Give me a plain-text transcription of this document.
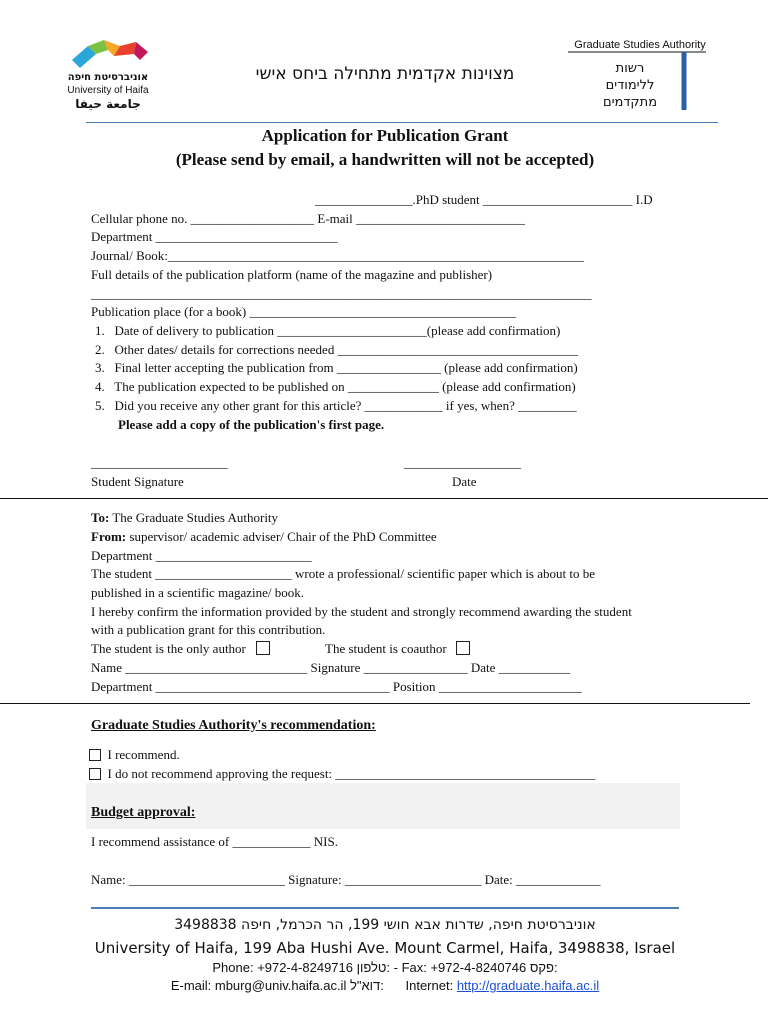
אוניברסיטת חיפה
University of Haifa
جامعة حيفا
מצוינות אקדמית מתחילה ביחס אישי
Graduate Studies Authority
רשות
ללימודים
מתקדמים
Application for Publication Grant
(Please send by email, a handwritten will not be accepted)
_______________.PhD student _______________________ I.D
Cellular phone no. ___________________ E-mail __________________________
Department ____________________________
Journal/ Book:________________________________________________________________
Full details of the publication platform (name of the magazine and publisher)
_____________________________________________________________________________
Publication place (for a book) _________________________________________
1.   Date of delivery to publication _______________________(please add confirmation)
2.   Other dates/ details for corrections needed _____________________________________
3.   Final letter accepting the publication from ________________ (please add confirmation)
4.   The publication expected to be published on ______________ (please add confirmation)
5.   Did you receive any other grant for this article? ____________ if yes, when? _________
Please add a copy of the publication's first page.
_____________________	__________________
Student Signature	Date
To: The Graduate Studies Authority
From: supervisor/ academic adviser/ Chair of the PhD Committee
Department ________________________
The student _____________________ wrote a professional/ scientific paper which is about to be
published in a scientific magazine/ book.
I hereby confirm the information provided by the student and strongly recommend awarding the student
with a publication grant for this contribution.
The student is the only author	The student is coauthor
Name ____________________________ Signature ________________ Date ___________
Department ____________________________________ Position ______________________
Graduate Studies Authority's recommendation:
I recommend.
I do not recommend approving the request: ________________________________________
Budget approval:
I recommend assistance of ____________ NIS.
Name: ________________________ Signature: _____________________ Date: _____________
אוניברסיטת חיפה, שדרות אבא חושי 199, הר הכרמל, חיפה 3498838
University of Haifa, 199 Aba Hushi Ave. Mount Carmel, Haifa, 3498838, Israel
Phone: +972-4-8249716 טלפון: - Fax: +972-4-8240746 פקס:
E-mail: mburg@univ.haifa.ac.il דוא"ל: Internet: http://graduate.haifa.ac.il
